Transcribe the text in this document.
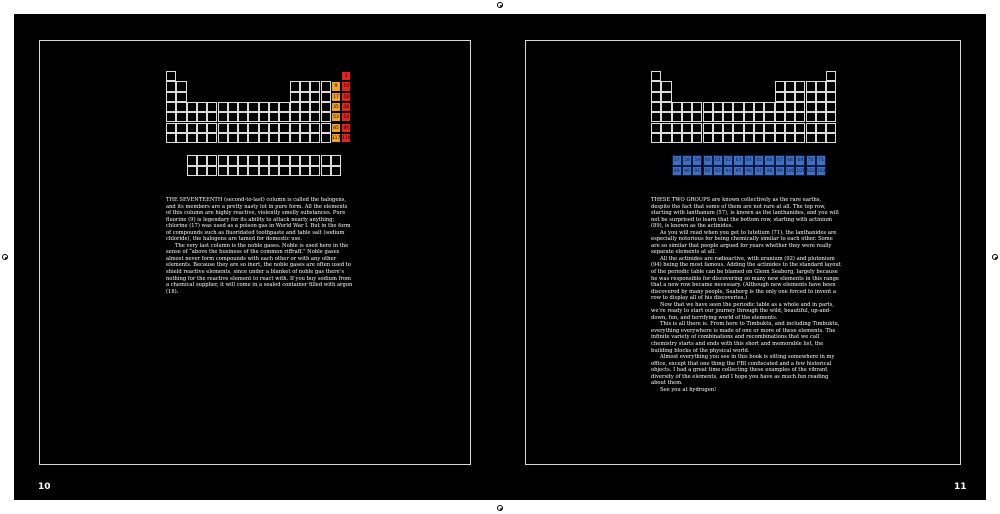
2
9	10
17	18
35	36
53	54
85	86
117 118

THE SEVENTEENTH (second-to-last) column is called the halogens, and its members are a pretty nasty lot in pure form. All the elements of this column are highly reactive, violently smelly substances. Pure fluorine (9) is legendary for its ability to attack nearly anything; chlorine (17) was used as a poison gas in World War I. But in the form of compounds such as fluoridated toothpaste and table salt (sodium chloride), the halogens are tamed for domestic use.

The very last column is the noble gases. Noble is used here in the sense of “above the business of the common riffraff.” Noble gases almost never form compounds with each other or with any other elements. Because they are so inert, the noble gases are often used to shield reactive elements, since under a blanket of noble gas there’s nothing for the reactive element to react with. If you buy sodium from a chemical supplier, it will come in a sealed container filled with argon (18).

10
57	58	59	60	61	62	63	64	65	66	67	68	69	70	71
89	90	91	92	93	94	95	96	97	98	99 100 101 102 103

THESE TWO GROUPS are known collectively as the rare earths, despite the fact that some of them are not rare at all. The top row, starting with lanthanum (57), is known as the lanthanides, and you will not be surprised to learn that the bottom row, starting with actinium (89), is known as the actinides.

As you will read when you get to lutetium (71), the lanthanides are especially notorious for being chemically similar to each other. Some are so similar that people argued for years whether they were really separate elements at all.

All the actinides are radioactive, with uranium (92) and plutonium (94) being the most famous. Adding the actinides to the standard layout of the periodic table can be blamed on Glenn Seaborg, largely because he was responsible for discovering so many new elements in this range that a new row became necessary. (Although new elements have been discovered by many people, Seaborg is the only one forced to invent a row to display all of his discoveries.)

Now that we have seen the periodic table as a whole and in parts, we’re ready to start our journey through the wild, beautiful, up-and-down, fun, and terrifying world of the elements.

This is all there is. From here to Timbuktu, and including Timbuktu, everything everywhere is made of one or more of these elements. The infinite variety of combinations and recombinations that we call chemistry starts and ends with this short and memorable list, the building blocks of the physical world.

Almost everything you see in this book is sitting somewhere in my office, except that one thing the FBI confiscated and a few historical objects. I had a great time collecting these examples of the vibrant diversity of the elements, and I hope you have as much fun reading about them.

See you at hydrogen!

11
